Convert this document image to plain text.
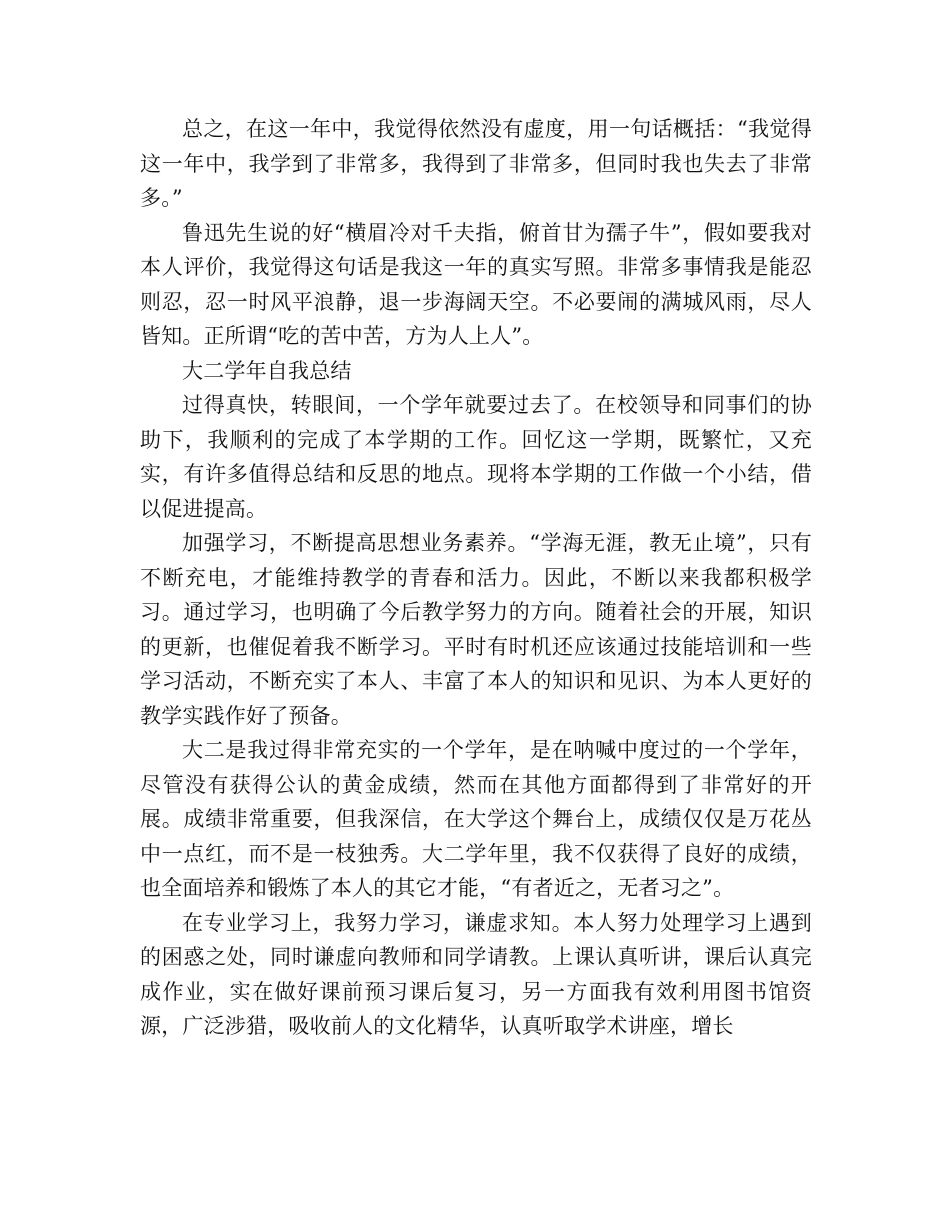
总之，在这一年中，我觉得依然没有虚度，用一句话概括：“我觉得这一年中，我学到了非常多，我得到了非常多，但同时我也失去了非常多。”

鲁迅先生说的好“横眉冷对千夫指，俯首甘为孺子牛”，假如要我对本人评价，我觉得这句话是我这一年的真实写照。非常多事情我是能忍则忍，忍一时风平浪静，退一步海阔天空。不必要闹的满城风雨，尽人皆知。正所谓“吃的苦中苦，方为人上人”。

大二学年自我总结

过得真快，转眼间，一个学年就要过去了。在校领导和同事们的协助下，我顺利的完成了本学期的工作。回忆这一学期，既繁忙，又充实，有许多值得总结和反思的地点。现将本学期的工作做一个小结，借以促进提高。

加强学习，不断提高思想业务素养。“学海无涯，教无止境”，只有不断充电，才能维持教学的青春和活力。因此，不断以来我都积极学习。通过学习，也明确了今后教学努力的方向。随着社会的开展，知识的更新，也催促着我不断学习。平时有时机还应该通过技能培训和一些学习活动，不断充实了本人、丰富了本人的知识和见识、为本人更好的教学实践作好了预备。

大二是我过得非常充实的一个学年，是在呐喊中度过的一个学年，尽管没有获得公认的黄金成绩，然而在其他方面都得到了非常好的开展。成绩非常重要，但我深信，在大学这个舞台上，成绩仅仅是万花丛中一点红，而不是一枝独秀。大二学年里，我不仅获得了良好的成绩，也全面培养和锻炼了本人的其它才能，“有者近之，无者习之”。

在专业学习上，我努力学习，谦虚求知。本人努力处理学习上遇到的困惑之处，同时谦虚向教师和同学请教。上课认真听讲，课后认真完成作业，实在做好课前预习课后复习，另一方面我有效利用图书馆资源，广泛涉猎，吸收前人的文化精华，认真听取学术讲座，增长
